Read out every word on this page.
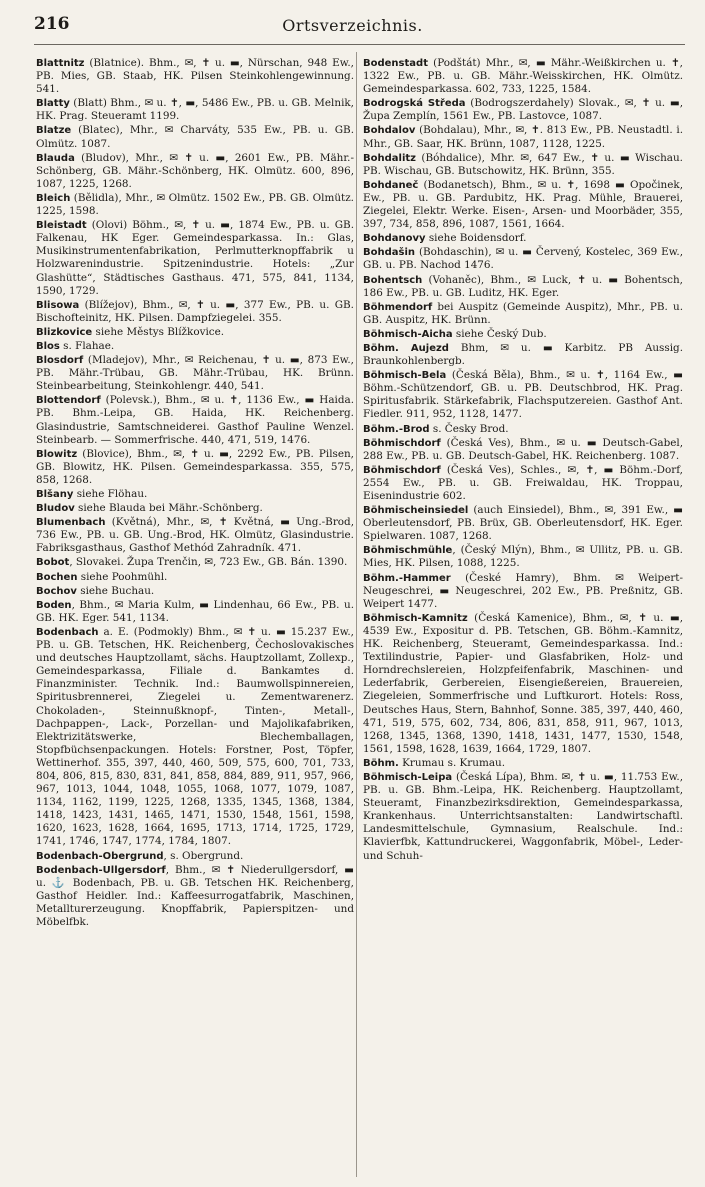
216	Ortsverzeichnis.

Blattnitz (Blatnice). Bhm., ✉, ✝ u. ▬, Nürschan, 948 Ew., PB. Mies, GB. Staab, HK. Pilsen Steinkohlengewinnung. 541.

Blatty (Blatt) Bhm., ✉ u. ✝, ▬, 5486 Ew., PB. u. GB. Melnik, HK. Prag. Steueramt 1199.

Blatze (Blatec), Mhr., ✉ Charváty, 535 Ew., PB. u. GB. Olmütz. 1087.

Blauda (Bludov), Mhr., ✉ ✝ u. ▬, 2601 Ew., PB. Mähr.-Schönberg, GB. Mähr.-Schönberg, HK. Olmütz. 600, 896, 1087, 1225, 1268.

Bleich (Bělidla), Mhr., ✉ Olmütz. 1502 Ew., PB. GB. Olmütz. 1225, 1598.

Bleistadt (Olovi) Böhm., ✉, ✝ u. ▬, 1874 Ew., PB. u. GB. Falkenau, HK Eger. Gemeindesparkassa. In.: Glas, Musikinstrumentenfabrikation, Perlmutterknopffabrik u Holzwarenindustrie. Spitzenindustrie. Hotels: „Zur Glashütte“, Städtisches Gasthaus. 471, 575, 841, 1134, 1590, 1729.

Blisowa (Blížejov), Bhm., ✉, ✝ u. ▬, 377 Ew., PB. u. GB. Bischofteinitz, HK. Pilsen. Dampfziegelei. 355.

Blizkovice siehe Městys Blížkovice.

Blos s. Flahae.

Blosdorf (Mladejov), Mhr., ✉ Reichenau, ✝ u. ▬, 873 Ew., PB. Mähr.-Trübau, GB. Mähr.-Trübau, HK. Brünn. Steinbearbeitung, Steinkohlengr. 440, 541.

Blottendorf (Polevsk.), Bhm., ✉ u. ✝, 1136 Ew., ▬ Haida. PB. Bhm.-Leipa, GB. Haida, HK. Reichenberg. Glasindustrie, Samtschneiderei. Gasthof Pauline Wenzel. Steinbearb. — Sommerfrische. 440, 471, 519, 1476.

Blowitz (Blovice), Bhm., ✉, ✝ u. ▬, 2292 Ew., PB. Pilsen, GB. Blowitz, HK. Pilsen. Gemeindesparkassa. 355, 575, 858, 1268.

Blšany siehe Flöhau.

Bludov siehe Blauda bei Mähr.-Schönberg.

Blumenbach (Květná), Mhr., ✉, ✝ Květná, ▬ Ung.-Brod, 736 Ew., PB. u. GB. Ung.-Brod, HK. Olmütz, Glasindustrie. Fabriksgasthaus, Gasthof Methód Zahradník. 471.

Bobot, Slovakei. Župa Trenčin, ✉, 723 Ew., GB. Bán. 1390.

Bochen siehe Poohmühl.

Bochov siehe Buchau.

Boden, Bhm., ✉ Maria Kulm, ▬ Lindenhau, 66 Ew., PB. u. GB. HK. Eger. 541, 1134.

Bodenbach a. E. (Podmokly) Bhm., ✉ ✝ u. ▬ 15.237 Ew., PB. u. GB. Tetschen, HK. Reichenberg, Čechoslovakisches und deutsches Hauptzollamt, sächs. Hauptzollamt, Zollexp., Gemeindesparkassa, Filiale d. Bankamtes d. Finanzminister. Technik. Ind.: Baumwollspinnereien, Spiritusbrennerei, Ziegelei u. Zementwarenerz. Chokoladen-, Steinnußknopf-, Tinten-, Metall-, Dachpappen-, Lack-, Porzellan- und Majolikafabriken, Elektrizitätswerke, Blechemballagen, Stopfbüchsenpackungen. Hotels: Forstner, Post, Töpfer, Wettinerhof. 355, 397, 440, 460, 509, 575, 600, 701, 733, 804, 806, 815, 830, 831, 841, 858, 884, 889, 911, 957, 966, 967, 1013, 1044, 1048, 1055, 1068, 1077, 1079, 1087, 1134, 1162, 1199, 1225, 1268, 1335, 1345, 1368, 1384, 1418, 1423, 1431, 1465, 1471, 1530, 1548, 1561, 1598, 1620, 1623, 1628, 1664, 1695, 1713, 1714, 1725, 1729, 1741, 1746, 1747, 1774, 1784, 1807.

Bodenbach-Obergrund, s. Obergrund.

Bodenbach-Ullgersdorf, Bhm., ✉ ✝ Niederullgersdorf, ▬ u. ⚓ Bodenbach, PB. u. GB. Tetschen HK. Reichenberg, Gasthof Heidler. Ind.: Kaffeesurrogatfabrik, Maschinen, Metallturerzeugung. Knopffabrik, Papierspitzen- und Möbelfbk.

Bodenstadt (Podštát) Mhr., ✉, ▬ Mähr.-Weißkirchen u. ✝, 1322 Ew., PB. u. GB. Mähr.-Weisskirchen, HK. Olmütz. Gemeindesparkassa. 602, 733, 1225, 1584.

Bodrogská Středa (Bodrogszerdahely) Slovak., ✉, ✝ u. ▬, Župa Zemplín, 1561 Ew., PB. Lastovce, 1087.

Bohdalov (Bohdalau), Mhr., ✉, ✝. 813 Ew., PB. Neustadtl. i. Mhr., GB. Saar, HK. Brünn, 1087, 1128, 1225.

Bohdalitz (Bóhdalice), Mhr. ✉, 647 Ew., ✝ u. ▬ Wischau. PB. Wischau, GB. Butschowitz, HK. Brünn, 355.

Bohdaneč (Bodanetsch), Bhm., ✉ u. ✝, 1698 ▬ Opočinek, Ew., PB. u. GB. Pardubitz, HK. Prag. Mühle, Brauerei, Ziegelei, Elektr. Werke. Eisen-, Arsen- und Moorbäder, 355, 397, 734, 858, 896, 1087, 1561, 1664.

Bohdanovy siehe Boidensdorf.

Bohdašin (Bohdaschin), ✉ u. ▬ Červený, Kostelec, 369 Ew., GB. u. PB. Nachod 1476.

Bohentsch (Vohaněc), Bhm., ✉ Luck, ✝ u. ▬ Bohentsch, 186 Ew., PB. u. GB. Luditz, HK. Eger.

Böhmendorf bei Auspitz (Gemeinde Auspitz), Mhr., PB. u. GB. Auspitz, HK. Brünn.

Böhmisch-Aicha siehe Český Dub.

Böhm. Aujezd Bhm, ✉ u. ▬ Karbitz. PB Aussig. Braunkohlenbergb.

Böhmisch-Bela (Česká Běla), Bhm., ✉ u. ✝, 1164 Ew., ▬ Böhm.-Schützendorf, GB. u. PB. Deutschbrod, HK. Prag. Spiritusfabrik. Stärkefabrik, Flachsputzereien. Gasthof Ant. Fiedler. 911, 952, 1128, 1477.

Böhm.-Brod s. Česky Brod.

Böhmischdorf (Česká Ves), Bhm., ✉ u. ▬ Deutsch-Gabel, 288 Ew., PB. u. GB. Deutsch-Gabel, HK. Reichenberg. 1087.

Böhmischdorf (Česká Ves), Schles., ✉, ✝, ▬ Böhm.-Dorf, 2554 Ew., PB. u. GB. Freiwaldau, HK. Troppau, Eisenindustrie 602.

Böhmischeinsiedel (auch Einsiedel), Bhm., ✉, 391 Ew., ▬ Oberleutensdorf, PB. Brüx, GB. Oberleutensdorf, HK. Eger. Spielwaren. 1087, 1268.

Böhmischmühle, (Český Mlýn), Bhm., ✉ Ullitz, PB. u. GB. Mies, HK. Pilsen, 1088, 1225.

Böhm.-Hammer (České Hamry), Bhm. ✉ Weipert-Neugeschrei, ▬ Neugeschrei, 202 Ew., PB. Preßnitz, GB. Weipert 1477.

Böhmisch-Kamnitz (Česká Kamenice), Bhm., ✉, ✝ u. ▬, 4539 Ew., Expositur d. PB. Tetschen, GB. Böhm.-Kamnitz, HK. Reichenberg, Steueramt, Gemeindesparkassa. Ind.: Textilindustrie, Papier- und Glasfabriken, Holz- und Horndrechslereien, Holzpfeifenfabrik, Maschinen- und Lederfabrik, Gerbereien, Eisengießereien, Brauereien, Ziegeleien, Sommerfrische und Luftkurort. Hotels: Ross, Deutsches Haus, Stern, Bahnhof, Sonne. 385, 397, 440, 460, 471, 519, 575, 602, 734, 806, 831, 858, 911, 967, 1013, 1268, 1345, 1368, 1390, 1418, 1431, 1477, 1530, 1548, 1561, 1598, 1628, 1639, 1664, 1729, 1807.

Böhm. Krumau s. Krumau.

Böhmisch-Leipa (Česká Lípa), Bhm. ✉, ✝ u. ▬, 11.753 Ew., PB. u. GB. Bhm.-Leipa, HK. Reichenberg. Hauptzollamt, Steueramt, Finanzbezirksdirektion, Gemeindesparkassa, Krankenhaus. Unterrichtsanstalten: Landwirtschaftl. Landesmittelschule, Gymnasium, Realschule. Ind.: Klavierfbk, Kattundruckerei, Waggonfabrik, Möbel-, Leder- und Schuh-
